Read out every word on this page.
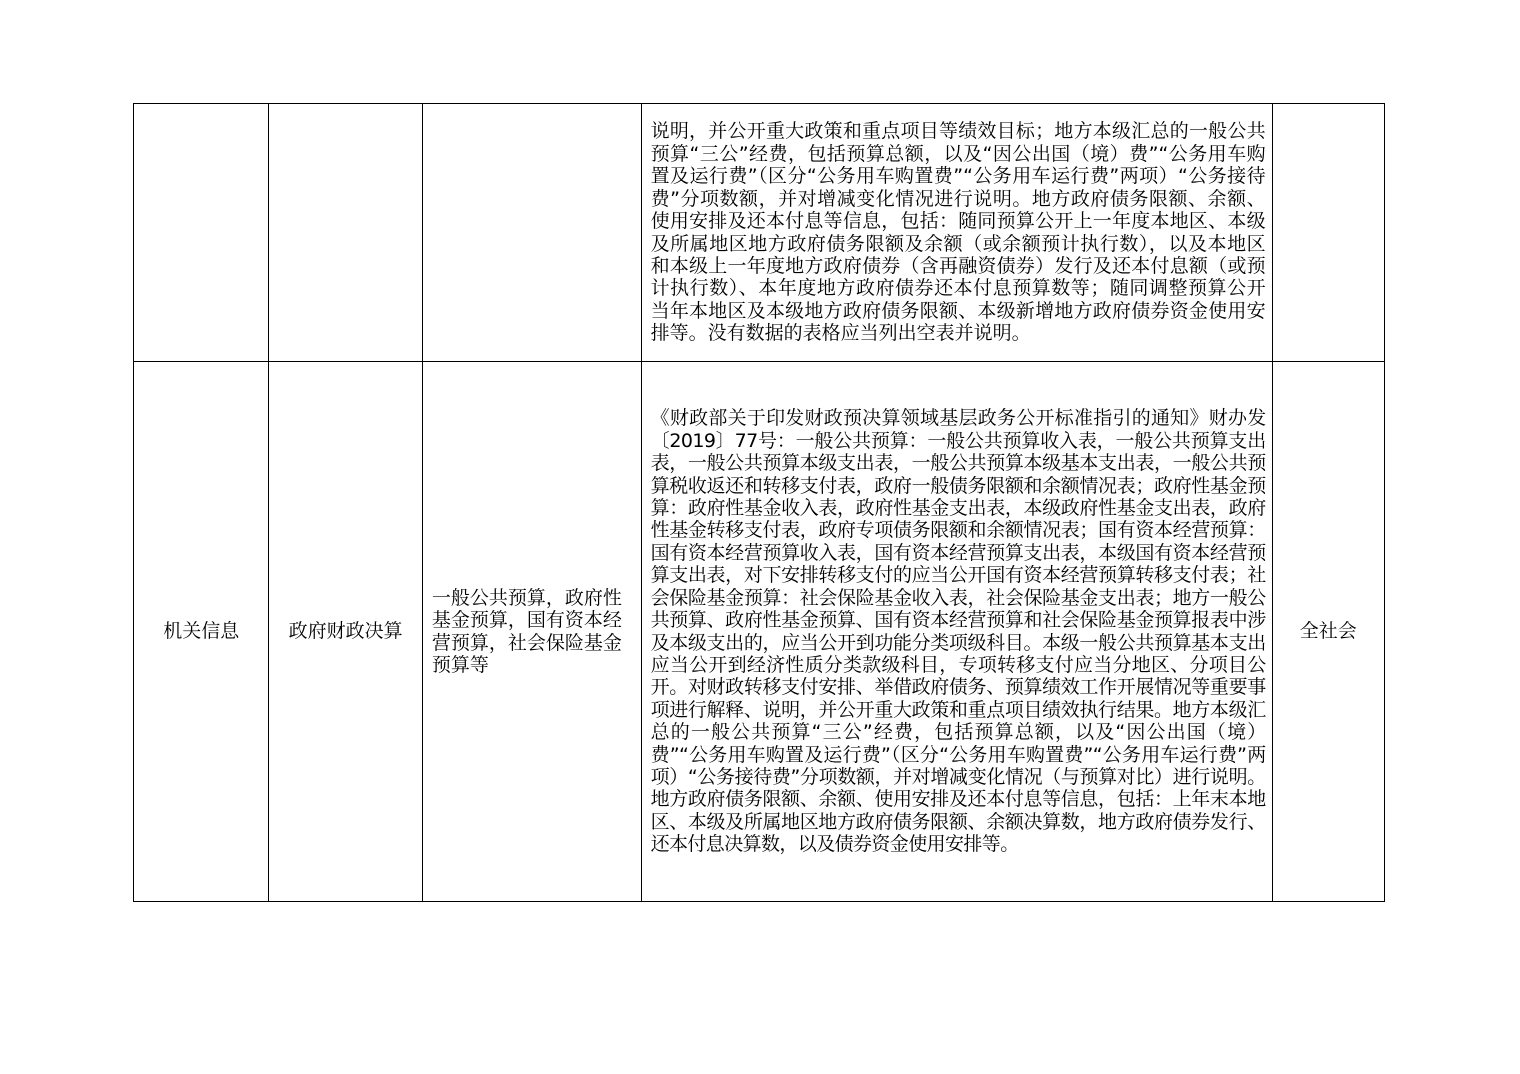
			说明，并公开重大政策和重点项目等绩效目标；地方本级汇总的一般公共预算“三公”经费，包括预算总额，以及“因公出国（境）费”“公务用车购置及运行费”（区分“公务用车购置费”“公务用车运行费”两项）“公务接待费”分项数额，并对增减变化情况进行说明。地方政府债务限额、余额、使用安排及还本付息等信息，包括：随同预算公开上一年度本地区、本级及所属地区地方政府债务限额及余额（或余额预计执行数），以及本地区和本级上一年度地方政府债券（含再融资债券）发行及还本付息额（或预计执行数）、本年度地方政府债券还本付息预算数等；随同调整预算公开当年本地区及本级地方政府债务限额、本级新增地方政府债券资金使用安排等。没有数据的表格应当列出空表并说明。	

机关信息	政府财政决算	一般公共预算，政府性基金预算，国有资本经营预算，社会保险基金预算等	《财政部关于印发财政预决算领域基层政务公开标准指引的通知》财办发〔2019〕77号：一般公共预算：一般公共预算收入表，一般公共预算支出表，一般公共预算本级支出表，一般公共预算本级基本支出表，一般公共预算税收返还和转移支付表，政府一般债务限额和余额情况表；政府性基金预算：政府性基金收入表，政府性基金支出表，本级政府性基金支出表，政府性基金转移支付表，政府专项债务限额和余额情况表；国有资本经营预算：国有资本经营预算收入表，国有资本经营预算支出表，本级国有资本经营预算支出表，对下安排转移支付的应当公开国有资本经营预算转移支付表；社会保险基金预算：社会保险基金收入表，社会保险基金支出表；地方一般公共预算、政府性基金预算、国有资本经营预算和社会保险基金预算报表中涉及本级支出的，应当公开到功能分类项级科目。本级一般公共预算基本支出应当公开到经济性质分类款级科目，专项转移支付应当分地区、分项目公开。对财政转移支付安排、举借政府债务、预算绩效工作开展情况等重要事项进行解释、说明，并公开重大政策和重点项目绩效执行结果。地方本级汇总的一般公共预算“三公”经费，包括预算总额，以及“因公出国（境）费”“公务用车购置及运行费”（区分“公务用车购置费”“公务用车运行费”两项）“公务接待费”分项数额，并对增减变化情况（与预算对比）进行说明。地方政府债务限额、余额、使用安排及还本付息等信息，包括：上年末本地区、本级及所属地区地方政府债务限额、余额决算数，地方政府债券发行、还本付息决算数，以及债券资金使用安排等。	全社会
